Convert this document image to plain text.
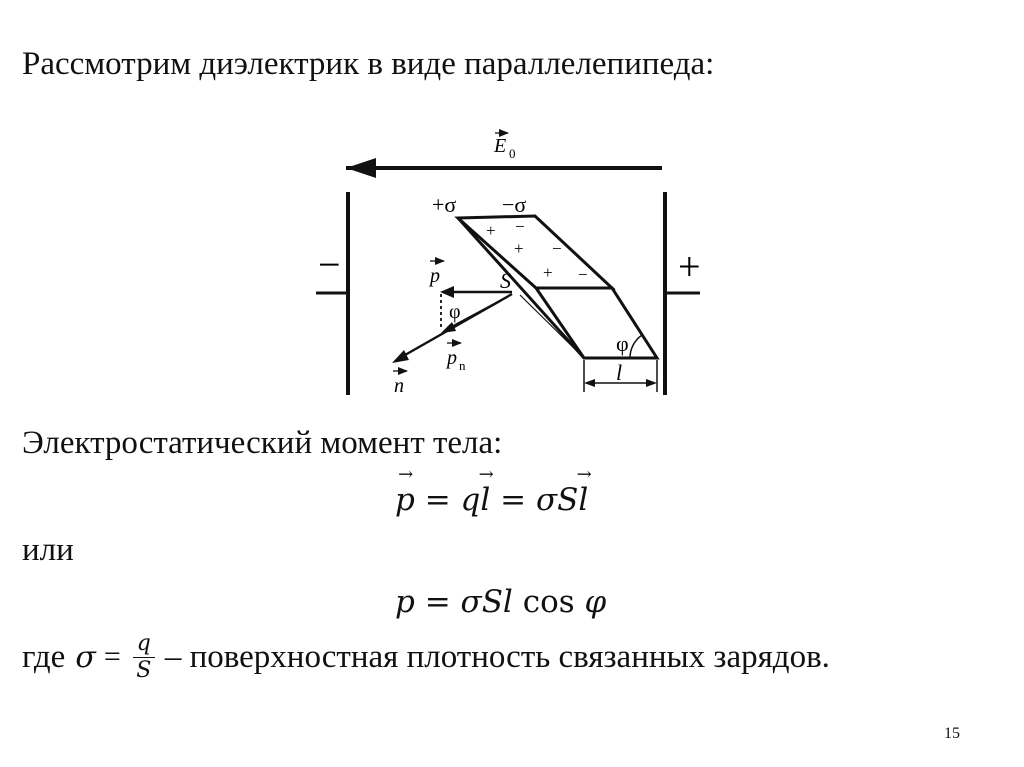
Рассмотрим диэлектрик в виде параллелепипеда:
E 0
−	+
+σ −σ
+ −
+ −
+ −
S
φ
p
φ
p n
n
l
Электростатический момент тела:
→ p = q→ l = σS→ l
или
p = σSl cos φ
где $\sigma = \frac{q}{S}$ – поверхностная плотность связанных зарядов.
15
